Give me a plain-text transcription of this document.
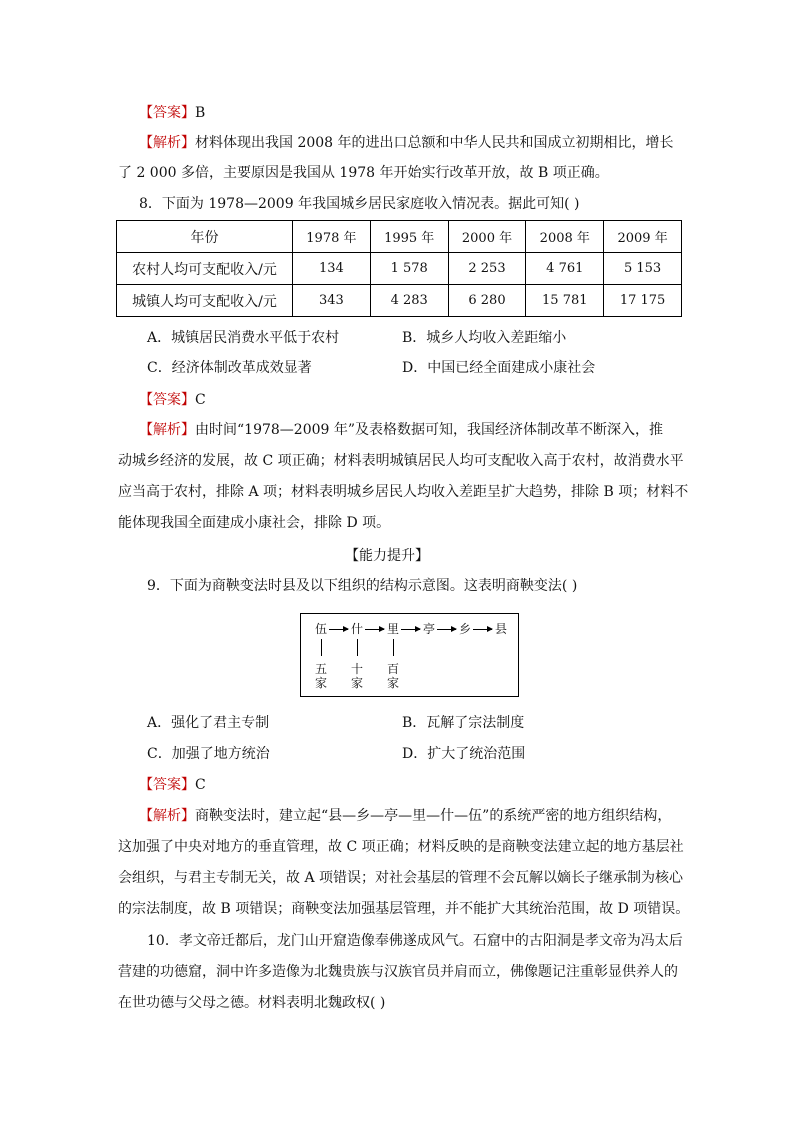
【答案】B
【解析】材料体现出我国 2008 年的进出口总额和中华人民共和国成立初期相比，增长
了 2 000 多倍，主要原因是我国从 1978 年开始实行改革开放，故 B 项正确。
8．下面为 1978—2009 年我国城乡居民家庭收入情况表。据此可知( )
年份	1978 年	1995 年	2000 年	2008 年	2009 年
农村人均可支配收入/元	134	1 578	2 253	4 761	5 153
城镇人均可支配收入/元	343	4 283	6 280	15 781	17 175
A．城镇居民消费水平低于农村	B．城乡人均收入差距缩小
C．经济体制改革成效显著	D．中国已经全面建成小康社会
【答案】C
【解析】由时间“1978—2009 年”及表格数据可知，我国经济体制改革不断深入，推
动城乡经济的发展，故 C 项正确；材料表明城镇居民人均可支配收入高于农村，故消费水平
应当高于农村，排除 A 项；材料表明城乡居民人均收入差距呈扩大趋势，排除 B 项；材料不
能体现我国全面建成小康社会，排除 D 项。
【能力提升】
9．下面为商鞅变法时县及以下组织的结构示意图。这表明商鞅变法( )
伍 什 里 亭 乡 县
五
家
十
家
百
家
A．强化了君主专制	B．瓦解了宗法制度
C．加强了地方统治	D．扩大了统治范围
【答案】C
【解析】商鞅变法时，建立起“县—乡—亭—里—什—伍”的系统严密的地方组织结构，
这加强了中央对地方的垂直管理，故 C 项正确；材料反映的是商鞅变法建立起的地方基层社
会组织，与君主专制无关，故 A 项错误；对社会基层的管理不会瓦解以嫡长子继承制为核心
的宗法制度，故 B 项错误；商鞅变法加强基层管理，并不能扩大其统治范围，故 D 项错误。
10．孝文帝迁都后，龙门山开窟造像奉佛遂成风气。石窟中的古阳洞是孝文帝为冯太后
营建的功德窟，洞中许多造像为北魏贵族与汉族官员并肩而立，佛像题记注重彰显供养人的
在世功德与父母之德。材料表明北魏政权( )
